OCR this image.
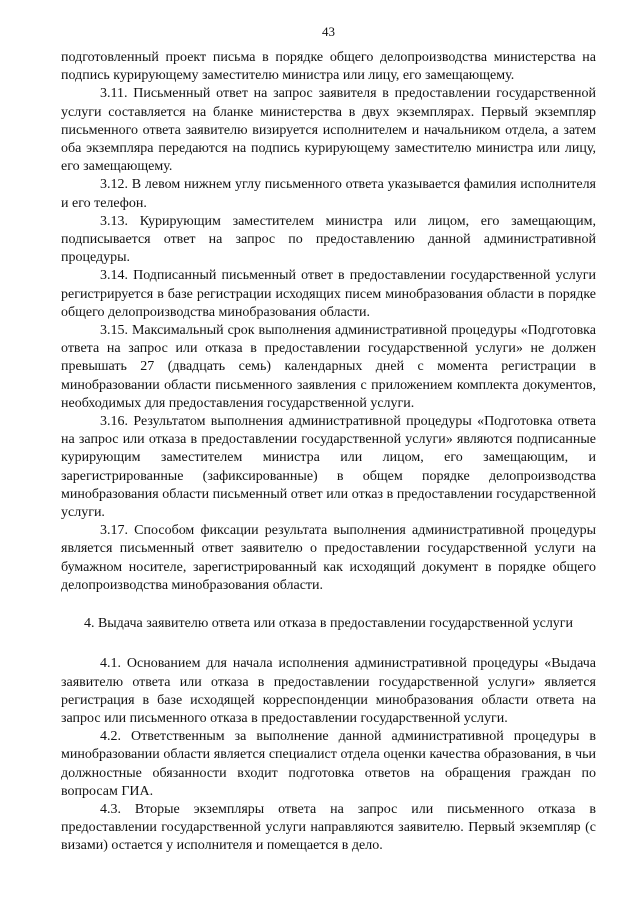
43

подготовленный проект письма в порядке общего делопроизводства министерства на подпись курирующему заместителю министра или лицу, его замещающему.

3.11. Письменный ответ на запрос заявителя в предоставлении государственной услуги составляется на бланке министерства в двух экземплярах. Первый экземпляр письменного ответа заявителю визируется исполнителем и начальником отдела, а затем оба экземпляра передаются на подпись курирующему заместителю министра или лицу, его замещающему.

3.12. В левом нижнем углу письменного ответа указывается фамилия исполнителя и его телефон.

3.13. Курирующим заместителем министра или лицом, его замещающим, подписывается ответ на запрос по предоставлению данной административной процедуры.

3.14. Подписанный письменный ответ в предоставлении государственной услуги регистрируется в базе регистрации исходящих писем минобразования области в порядке общего делопроизводства минобразования области.

3.15. Максимальный срок выполнения административной процедуры «Подготовка ответа на запрос или отказа в предоставлении государственной услуги» не должен превышать 27 (двадцать семь) календарных дней с момента регистрации в минобразовании области письменного заявления с приложением комплекта документов, необходимых для предоставления государственной услуги.

3.16. Результатом выполнения административной процедуры «Подготовка ответа на запрос или отказа в предоставлении государственной услуги» являются подписанные курирующим заместителем министра или лицом, его замещающим, и зарегистрированные (зафиксированные) в общем порядке делопроизводства минобразования области письменный ответ или отказ в предоставлении государственной услуги.

3.17. Способом фиксации результата выполнения административной процедуры является письменный ответ заявителю о предоставлении государственной услуги на бумажном носителе, зарегистрированный как исходящий документ в порядке общего делопроизводства минобразования области.

4. Выдача заявителю ответа или отказа в предоставлении государственной услуги

4.1. Основанием для начала исполнения административной процедуры «Выдача заявителю ответа или отказа в предоставлении государственной услуги» является регистрация в базе исходящей корреспонденции минобразования области ответа на запрос или письменного отказа в предоставлении государственной услуги.

4.2. Ответственным за выполнение данной административной процедуры в минобразовании области является специалист отдела оценки качества образования, в чьи должностные обязанности входит подготовка ответов на обращения граждан по вопросам ГИА.

4.3. Вторые экземпляры ответа на запрос или письменного отказа в предоставлении государственной услуги направляются заявителю. Первый экземпляр (с визами) остается у исполнителя и помещается в дело.
